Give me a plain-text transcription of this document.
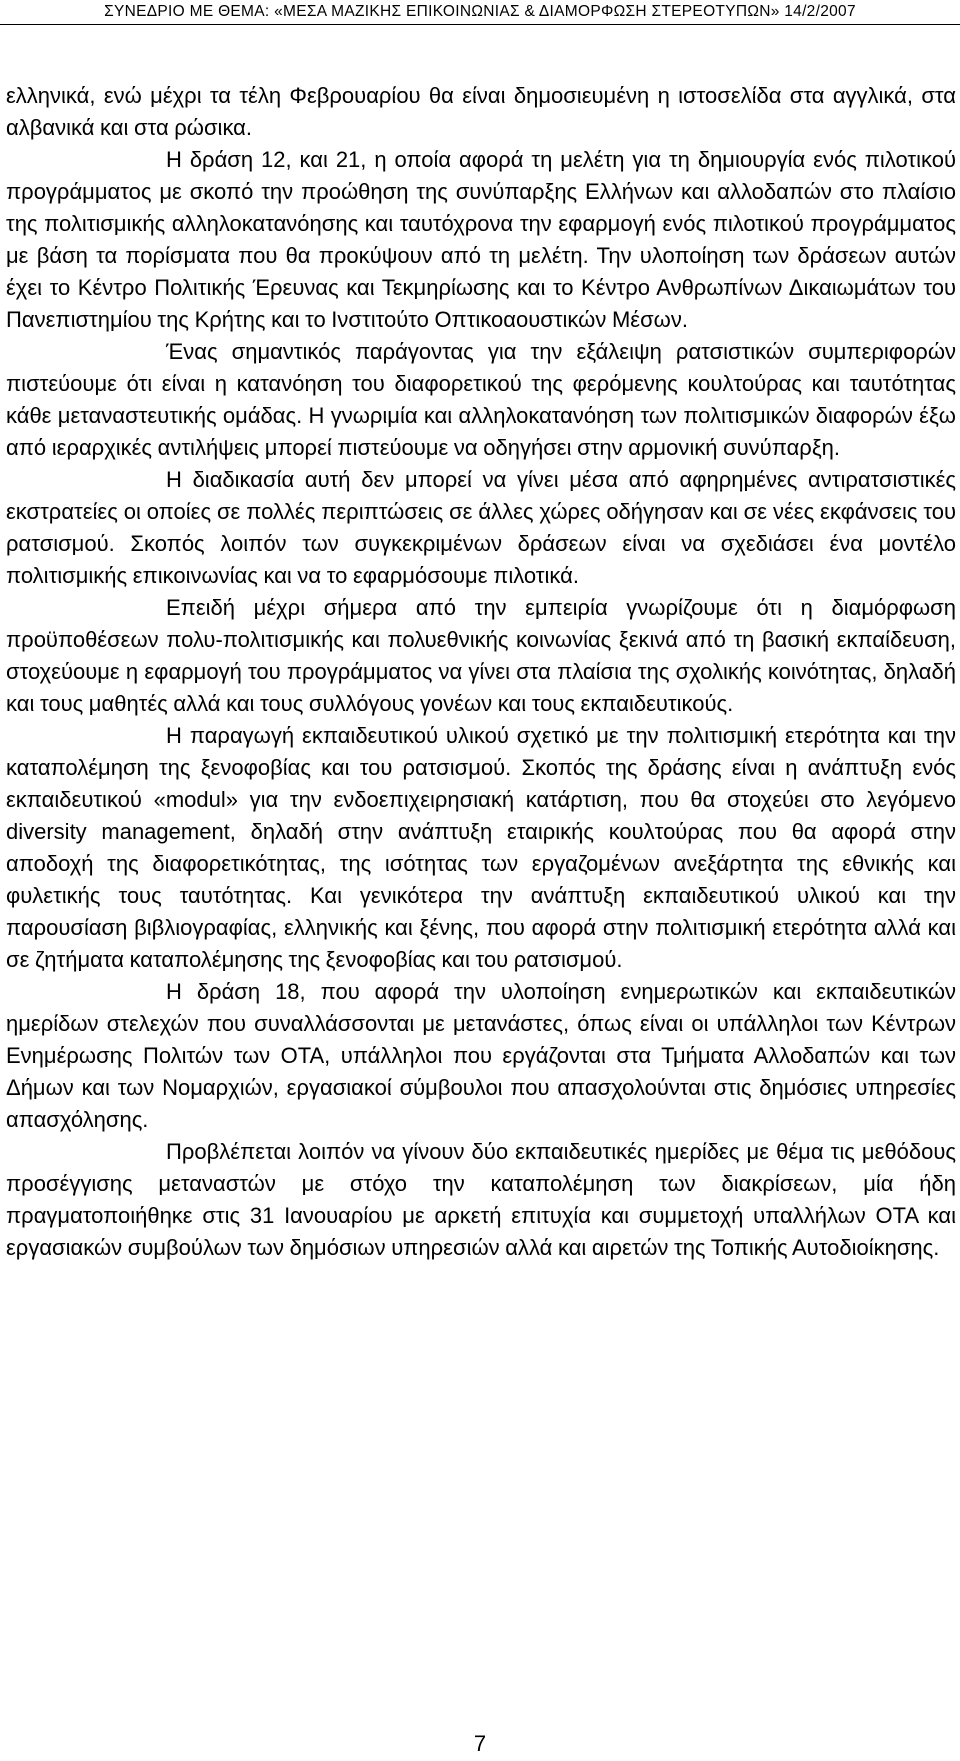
ΣΥΝΕΔΡΙΟ ΜΕ ΘΕΜΑ: «ΜΕΣΑ ΜΑΖΙΚΗΣ ΕΠΙΚΟΙΝΩΝΙΑΣ & ΔΙΑΜΟΡΦΩΣΗ ΣΤΕΡΕΟΤΥΠΩΝ» 14/2/2007

ελληνικά, ενώ μέχρι τα τέλη Φεβρουαρίου θα είναι δημοσιευμένη η ιστοσελίδα στα αγγλικά, στα αλβανικά και στα ρώσικα.

Η δράση 12, και 21, η οποία αφορά τη μελέτη για τη δημιουργία ενός πιλοτικού προγράμματος με σκοπό την προώθηση της συνύπαρξης Ελλήνων και αλλοδαπών στο πλαίσιο της πολιτισμικής αλληλοκατανόησης και ταυτόχρονα την εφαρμογή ενός πιλοτικού προγράμματος με βάση τα πορίσματα που θα προκύψουν από τη μελέτη. Την υλοποίηση των δράσεων αυτών έχει το Κέντρο Πολιτικής Έρευνας και Τεκμηρίωσης και το Κέντρο Ανθρωπίνων Δικαιωμάτων του Πανεπιστημίου της Κρήτης και το Ινστιτούτο Οπτικοαουστικών Μέσων.

Ένας σημαντικός παράγοντας για την εξάλειψη ρατσιστικών συμπεριφορών πιστεύουμε ότι είναι η κατανόηση του διαφορετικού της φερόμενης κουλτούρας και ταυτότητας κάθε μεταναστευτικής ομάδας. Η γνωριμία και αλληλοκατανόηση των πολιτισμικών διαφορών έξω από ιεραρχικές αντιλήψεις μπορεί πιστεύουμε να οδηγήσει στην αρμονική συνύπαρξη.

Η διαδικασία αυτή δεν μπορεί να γίνει μέσα από αφηρημένες αντιρατσιστικές εκστρατείες οι οποίες σε πολλές περιπτώσεις σε άλλες χώρες οδήγησαν και σε νέες εκφάνσεις του ρατσισμού. Σκοπός λοιπόν των συγκεκριμένων δράσεων είναι να σχεδιάσει ένα μοντέλο πολιτισμικής επικοινωνίας και να το εφαρμόσουμε πιλοτικά.

Επειδή μέχρι σήμερα από την εμπειρία γνωρίζουμε ότι η διαμόρφωση προϋποθέσεων πολυ-πολιτισμικής και πολυεθνικής κοινωνίας ξεκινά από τη βασική εκπαίδευση, στοχεύουμε η εφαρμογή του προγράμματος να γίνει στα πλαίσια της σχολικής κοινότητας, δηλαδή και τους μαθητές αλλά και τους συλλόγους γονέων και τους εκπαιδευτικούς.

Η παραγωγή εκπαιδευτικού υλικού σχετικό με την πολιτισμική ετερότητα και την καταπολέμηση της ξενοφοβίας και του ρατσισμού. Σκοπός της δράσης είναι η ανάπτυξη ενός εκπαιδευτικού «modul» για την ενδοεπιχειρησιακή κατάρτιση, που θα στοχεύει στο λεγόμενο diversity management, δηλαδή στην ανάπτυξη εταιρικής κουλτούρας που θα αφορά στην αποδοχή της διαφορετικότητας, της ισότητας των εργαζομένων ανεξάρτητα της εθνικής και φυλετικής τους ταυτότητας. Και γενικότερα την ανάπτυξη εκπαιδευτικού υλικού και την παρουσίαση βιβλιογραφίας, ελληνικής και ξένης, που αφορά στην πολιτισμική ετερότητα αλλά και σε ζητήματα καταπολέμησης της ξενοφοβίας και του ρατσισμού.

Η δράση 18, που αφορά την υλοποίηση ενημερωτικών και εκπαιδευτικών ημερίδων στελεχών που συναλλάσσονται με μετανάστες, όπως είναι οι υπάλληλοι των Κέντρων Ενημέρωσης Πολιτών των ΟΤΑ, υπάλληλοι που εργάζονται στα Τμήματα Αλλοδαπών και των Δήμων και των Νομαρχιών, εργασιακοί σύμβουλοι που απασχολούνται στις δημόσιες υπηρεσίες απασχόλησης.

Προβλέπεται λοιπόν να γίνουν δύο εκπαιδευτικές ημερίδες με θέμα τις μεθόδους προσέγγισης μεταναστών με στόχο την καταπολέμηση των διακρίσεων, μία ήδη πραγματοποιήθηκε στις 31 Ιανουαρίου με αρκετή επιτυχία και συμμετοχή υπαλλήλων ΟΤΑ και εργασιακών συμβούλων των δημόσιων υπηρεσιών αλλά και αιρετών της Τοπικής Αυτοδιοίκησης.

7
